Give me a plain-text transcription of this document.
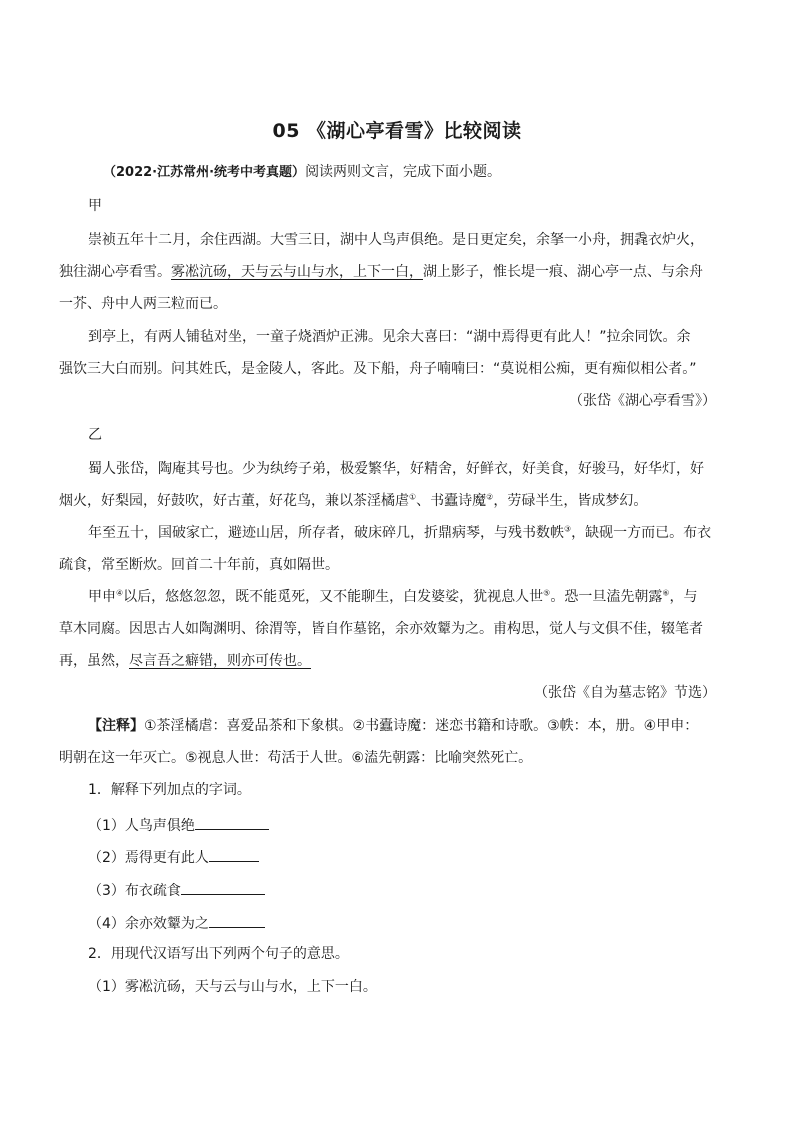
05 《湖心亭看雪》比较阅读
（2022·江苏常州·统考中考真题）阅读两则文言，完成下面小题。
甲
崇祯五年十二月，余住西湖。大雪三日，湖中人鸟声俱绝。是日更定矣，余拏一小舟，拥毳衣炉火，
独往湖心亭看雪。雾凇沆砀，天与云与山与水，上下一白，湖上影子，惟长堤一痕、湖心亭一点、与余舟
一芥、舟中人两三粒而已。
到亭上，有两人铺毡对坐，一童子烧酒炉正沸。见余大喜曰：“湖中焉得更有此人！”拉余同饮。余
强饮三大白而别。问其姓氏，是金陵人，客此。及下船，舟子喃喃曰：“莫说相公痴，更有痴似相公者。”
（张岱《湖心亭看雪》）
乙
蜀人张岱，陶庵其号也。少为纨绔子弟，极爱繁华，好精舍，好鲜衣，好美食，好骏马，好华灯，好
烟火，好梨园，好鼓吹，好古董，好花鸟，兼以茶淫橘虐①、书蠹诗魔②，劳碌半生，皆成梦幻。
年至五十，国破家亡，避迹山居，所存者，破床碎几，折鼎病琴，与残书数帙③，缺砚一方而已。布衣
疏食，常至断炊。回首二十年前，真如隔世。
甲申④以后，悠悠忽忽，既不能觅死，又不能聊生，白发婆娑，犹视息人世⑤。恐一旦溘先朝露⑥，与
草木同腐。因思古人如陶渊明、徐渭等，皆自作墓铭，余亦效颦为之。甫构思，觉人与文俱不佳，辍笔者
再，虽然，尽言吾之癖错，则亦可传也。
（张岱《自为墓志铭》节选）
【注释】①茶淫橘虐：喜爱品茶和下象棋。②书蠹诗魔：迷恋书籍和诗歌。③帙：本，册。④甲申：
明朝在这一年灭亡。⑤视息人世：苟活于人世。⑥溘先朝露：比喻突然死亡。
1．解释下列加点的字词。
（1）人鸟声俱绝
（2）焉得更有此人
（3）布衣疏食
（4）余亦效颦为之
2．用现代汉语写出下列两个句子的意思。
（1）雾凇沆砀，天与云与山与水，上下一白。
